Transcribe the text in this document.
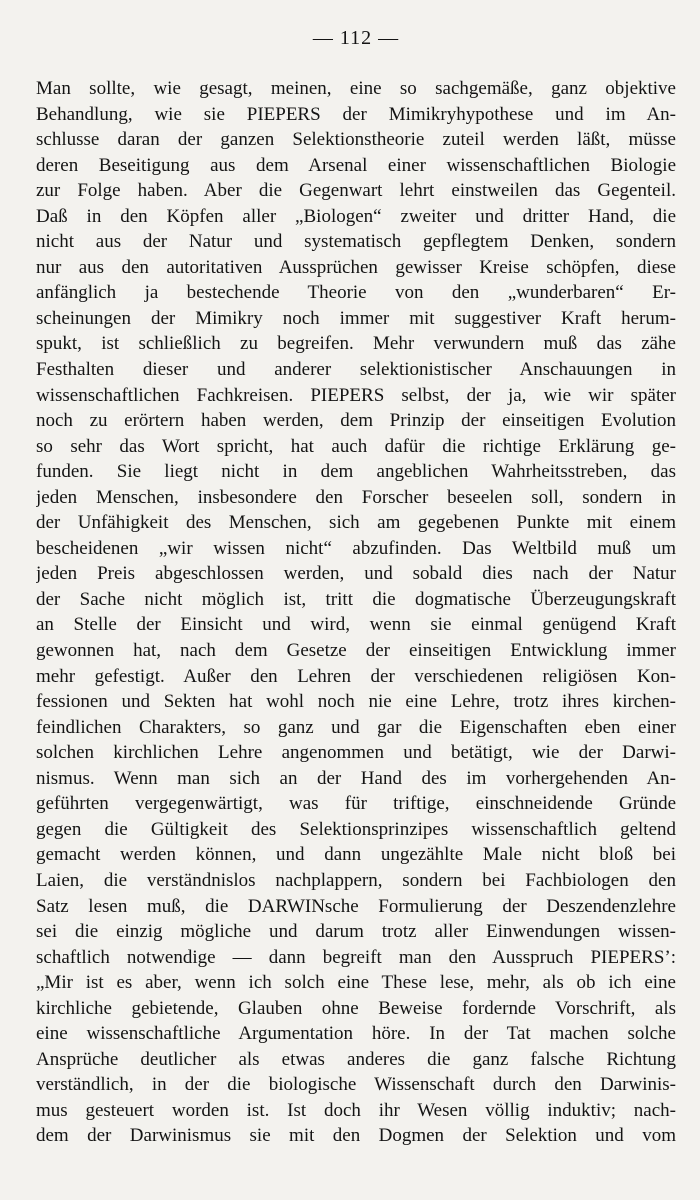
— 112 —
Man sollte, wie gesagt, meinen, eine so sachgemäße, ganz objektive
Behandlung, wie sie PIEPERS der Mimikryhypothese und im An-
schlusse daran der ganzen Selektionstheorie zuteil werden läßt, müsse
deren Beseitigung aus dem Arsenal einer wissenschaftlichen Biologie
zur Folge haben. Aber die Gegenwart lehrt einstweilen das Gegenteil.
Daß in den Köpfen aller „Biologen“ zweiter und dritter Hand, die
nicht aus der Natur und systematisch gepflegtem Denken, sondern
nur aus den autoritativen Aussprüchen gewisser Kreise schöpfen, diese
anfänglich ja bestechende Theorie von den „wunderbaren“ Er-
scheinungen der Mimikry noch immer mit suggestiver Kraft herum-
spukt, ist schließlich zu begreifen. Mehr verwundern muß das zähe
Festhalten dieser und anderer selektionistischer Anschauungen in
wissenschaftlichen Fachkreisen. PIEPERS selbst, der ja, wie wir später
noch zu erörtern haben werden, dem Prinzip der einseitigen Evolution
so sehr das Wort spricht, hat auch dafür die richtige Erklärung ge-
funden. Sie liegt nicht in dem angeblichen Wahrheitsstreben, das
jeden Menschen, insbesondere den Forscher beseelen soll, sondern in
der Unfähigkeit des Menschen, sich am gegebenen Punkte mit einem
bescheidenen „wir wissen nicht“ abzufinden. Das Weltbild muß um
jeden Preis abgeschlossen werden, und sobald dies nach der Natur
der Sache nicht möglich ist, tritt die dogmatische Überzeugungskraft
an Stelle der Einsicht und wird, wenn sie einmal genügend Kraft
gewonnen hat, nach dem Gesetze der einseitigen Entwicklung immer
mehr gefestigt. Außer den Lehren der verschiedenen religiösen Kon-
fessionen und Sekten hat wohl noch nie eine Lehre, trotz ihres kirchen-
feindlichen Charakters, so ganz und gar die Eigenschaften eben einer
solchen kirchlichen Lehre angenommen und betätigt, wie der Darwi-
nismus. Wenn man sich an der Hand des im vorhergehenden An-
geführten vergegenwärtigt, was für triftige, einschneidende Gründe
gegen die Gültigkeit des Selektionsprinzipes wissenschaftlich geltend
gemacht werden können, und dann ungezählte Male nicht bloß bei
Laien, die verständnislos nachplappern, sondern bei Fachbiologen den
Satz lesen muß, die DARWINsche Formulierung der Deszendenzlehre
sei die einzig mögliche und darum trotz aller Einwendungen wissen-
schaftlich notwendige — dann begreift man den Ausspruch PIEPERS’:
„Mir ist es aber, wenn ich solch eine These lese, mehr, als ob ich eine
kirchliche gebietende, Glauben ohne Beweise fordernde Vorschrift, als
eine wissenschaftliche Argumentation höre. In der Tat machen solche
Ansprüche deutlicher als etwas anderes die ganz falsche Richtung
verständlich, in der die biologische Wissenschaft durch den Darwinis-
mus gesteuert worden ist. Ist doch ihr Wesen völlig induktiv; nach-
dem der Darwinismus sie mit den Dogmen der Selektion und vom
